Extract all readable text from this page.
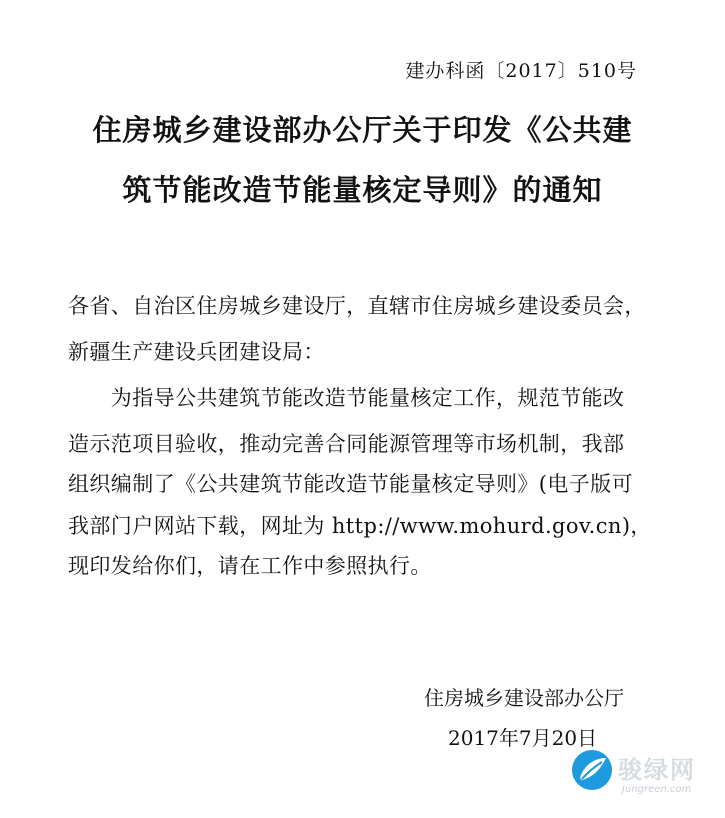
建办科函〔2017〕510号
住房城乡建设部办公厅关于印发《公共建
筑节能改造节能量核定导则》的通知
各省、自治区住房城乡建设厅，直辖市住房城乡建设委员会，
新疆生产建设兵团建设局：
　　为指导公共建筑节能改造节能量核定工作，规范节能改
造示范项目验收，推动完善合同能源管理等市场机制，我部
组织编制了《公共建筑节能改造节能量核定导则》(电子版可
我部门户网站下载，网址为 http://www.mohurd.gov.cn)，
现印发给你们，请在工作中参照执行。
住房城乡建设部办公厅
2017年7月20日
骏绿网
Jungreen.com
